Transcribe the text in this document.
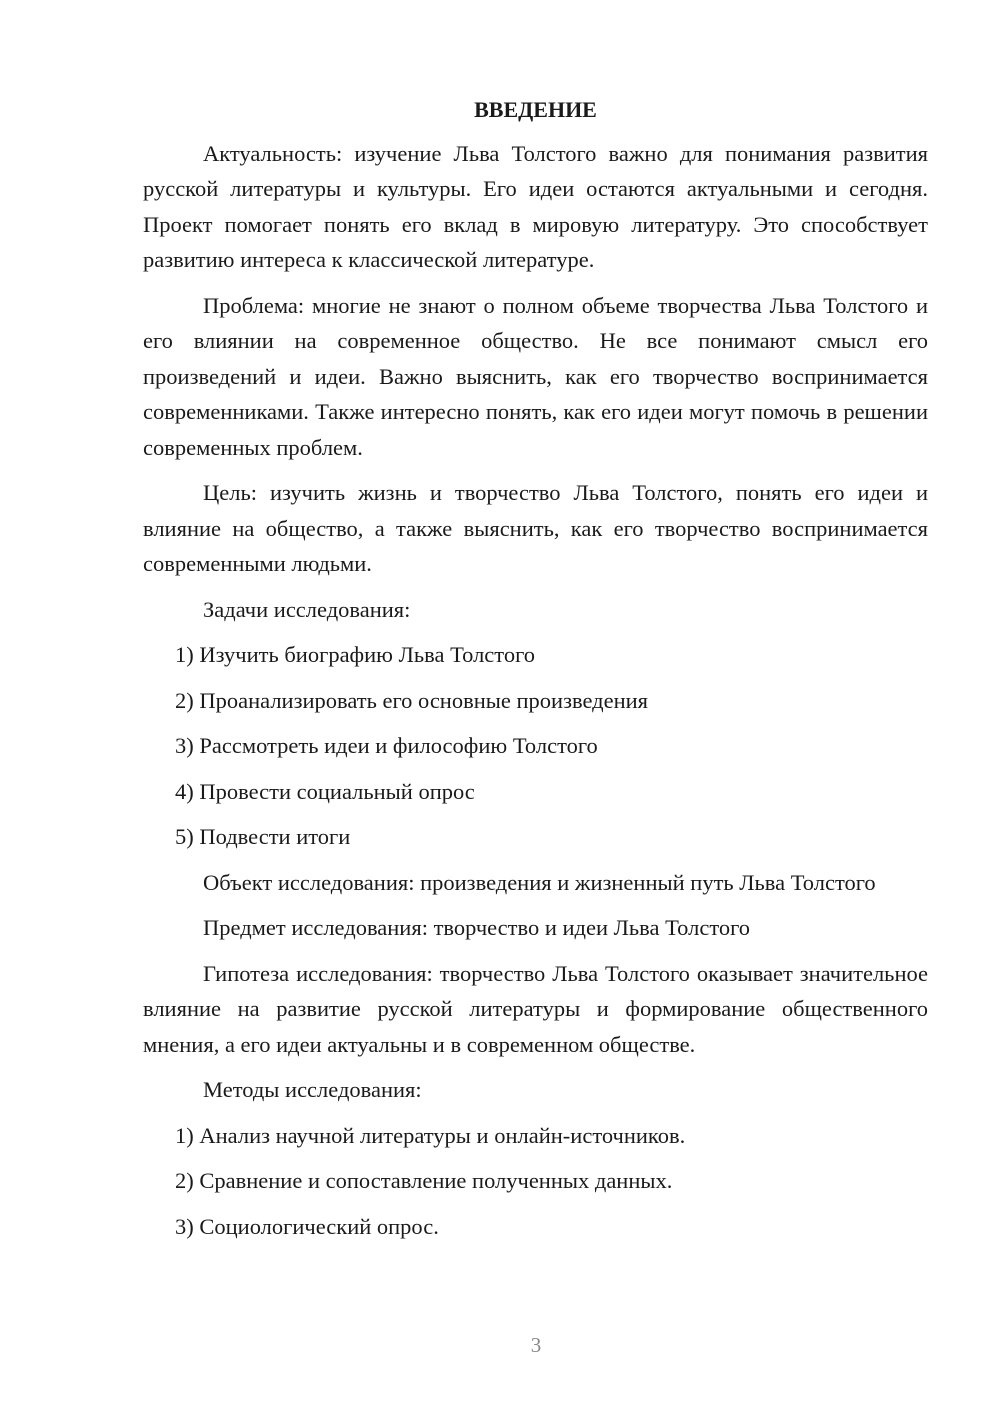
ВВЕДЕНИЕ

Актуальность: изучение Льва Толстого важно для понимания развития русской литературы и культуры. Его идеи остаются актуальными и сегодня. Проект помогает понять его вклад в мировую литературу. Это способствует развитию интереса к классической литературе.

Проблема: многие не знают о полном объеме творчества Льва Толстого и его влиянии на современное общество. Не все понимают смысл его произведений и идеи. Важно выяснить, как его творчество воспринимается современниками. Также интересно понять, как его идеи могут помочь в решении современных проблем.

Цель: изучить жизнь и творчество Льва Толстого, понять его идеи и влияние на общество, а также выяснить, как его творчество воспринимается современными людьми.

Задачи исследования:

1) Изучить биографию Льва Толстого
2) Проанализировать его основные произведения
3) Рассмотреть идеи и философию Толстого
4) Провести социальный опрос
5) Подвести итоги

Объект исследования: произведения и жизненный путь Льва Толстого

Предмет исследования: творчество и идеи Льва Толстого

Гипотеза исследования: творчество Льва Толстого оказывает значительное влияние на развитие русской литературы и формирование общественного мнения, а его идеи актуальны и в современном обществе.

Методы исследования:

1) Анализ научной литературы и онлайн-источников.
2) Сравнение и сопоставление полученных данных.
3) Социологический опрос.
3
